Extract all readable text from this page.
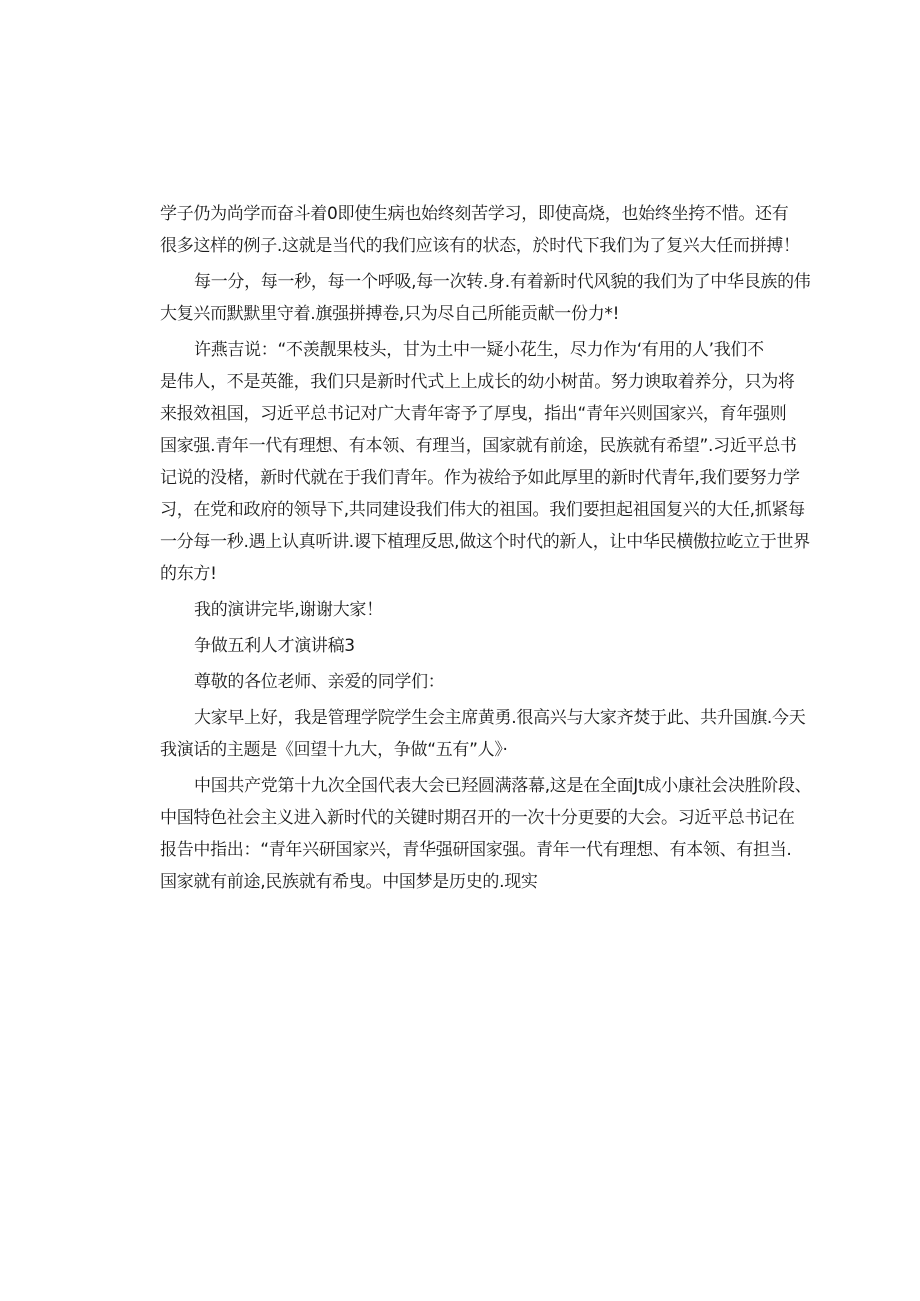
学子仍为尚学而奋斗着0即使生病也始终刻苦学习，即使高烧，也始终坐挎不惜。还有
很多这样的例子.这就是当代的我们应该有的状态，於时代下我们为了复兴大任而拼搏！
每一分，每一秒，每一个呼吸,每一次转.身.有着新时代风貌的我们为了中华艮族的伟
大复兴而默默里守着.旗强拼搏卷,只为尽自己所能贡献一份力*!
许燕吉说：“不羡靓果枝头，甘为土中一疑小花生，尽力作为‘有用的人’我们不
是伟人，不是英雒，我们只是新时代式上上成长的幼小树苗。努力谀取着养分，只为将
来报效祖国，习近平总书记对广大青年寄予了厚曳，指出“青年兴则国家兴，育年强则
国家强.青年一代有理想、有本领、有理当，国家就有前途，民族就有希望”.习近平总书
记说的没楮，新时代就在于我们青年。作为祓给予如此厚里的新时代青年,我们要努力学
习，在党和政府的领导下,共同建设我们伟大的祖国。我们要担起祖国复兴的大任,抓紧每
一分每一秒.遇上认真听讲.谡下植理反思,做这个时代的新人，让中华民横傲拉屹立于世界
的东方!
我的演讲完毕,谢谢大家！
争做五利人才演讲稿3
尊敬的各位老师、亲爱的同学们：
大家早上好，我是管理学院学生会主席黄勇.很高兴与大家齐焚于此、共升国旗.今天
我演话的主题是《回望十九大，争做“五有”人》·
中国共产党第十九次全国代表大会已羟圆满落幕,这是在全面Jt成小康社会决胜阶段、
中国特色社会主义进入新时代的关键时期召开的一次十分更要的大会。习近平总书记在
报告中指出：“青年兴研国家兴，青华强研国家强。青年一代有理想、有本领、有担当.
国家就有前途,民族就有希曳。中国梦是历史的.现实
